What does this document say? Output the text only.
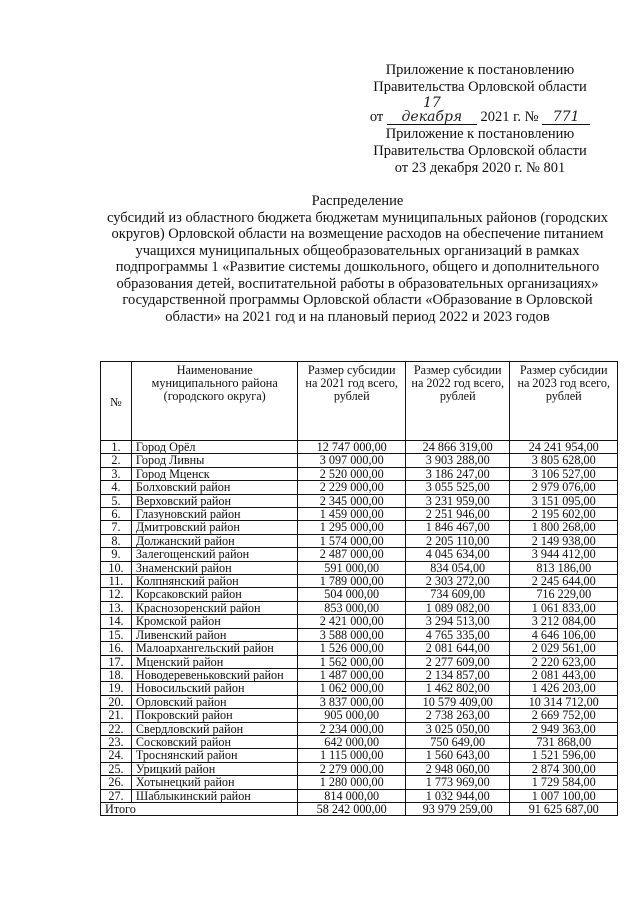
Приложение к постановлению
Правительства Орловской области
от 17 декабря 2021 г. № 771
Приложение к постановлению
Правительства Орловской области
от 23 декабря 2020 г. № 801
Распределение
субсидий из областного бюджета бюджетам муниципальных районов (городских округов) Орловской области на возмещение расходов на обеспечение питанием учащихся муниципальных общеобразовательных организаций в рамках подпрограммы 1 «Развитие системы дошкольного, общего и дополнительного образования детей, воспитательной работы в образовательных организациях» государственной программы Орловской области «Образование в Орловской области» на 2021 год и на плановый период 2022 и 2023 годов
№	Наименование муниципального района (городского округа)	Размер субсидии на 2021 год всего, рублей	Размер субсидии на 2022 год всего, рублей	Размер субсидии на 2023 год всего, рублей
1.	Город Орёл	12 747 000,00	24 866 319,00	24 241 954,00
2.	Город Ливны	3 097 000,00	3 903 288,00	3 805 628,00
3.	Город Мценск	2 520 000,00	3 186 247,00	3 106 527,00
4.	Болховский район	2 229 000,00	3 055 525,00	2 979 076,00
5.	Верховский район	2 345 000,00	3 231 959,00	3 151 095,00
6.	Глазуновский район	1 459 000,00	2 251 946,00	2 195 602,00
7.	Дмитровский район	1 295 000,00	1 846 467,00	1 800 268,00
8.	Должанский район	1 574 000,00	2 205 110,00	2 149 938,00
9.	Залегощенский район	2 487 000,00	4 045 634,00	3 944 412,00
10.	Знаменский район	591 000,00	834 054,00	813 186,00
11.	Колпнянский район	1 789 000,00	2 303 272,00	2 245 644,00
12.	Корсаковский район	504 000,00	734 609,00	716 229,00
13.	Краснозоренский район	853 000,00	1 089 082,00	1 061 833,00
14.	Кромской район	2 421 000,00	3 294 513,00	3 212 084,00
15.	Ливенский район	3 588 000,00	4 765 335,00	4 646 106,00
16.	Малоархангельский район	1 526 000,00	2 081 644,00	2 029 561,00
17.	Мценский район	1 562 000,00	2 277 609,00	2 220 623,00
18.	Новодеревеньковский район	1 487 000,00	2 134 857,00	2 081 443,00
19.	Новосильский район	1 062 000,00	1 462 802,00	1 426 203,00
20.	Орловский район	3 837 000,00	10 579 409,00	10 314 712,00
21.	Покровский район	905 000,00	2 738 263,00	2 669 752,00
22.	Свердловский район	2 234 000,00	3 025 050,00	2 949 363,00
23.	Сосковский район	642 000,00	750 649,00	731 868,00
24.	Троснянский район	1 115 000,00	1 560 643,00	1 521 596,00
25.	Урицкий район	2 279 000,00	2 948 060,00	2 874 300,00
26.	Хотынецкий район	1 280 000,00	1 773 969,00	1 729 584,00
27.	Шаблыкинский район	814 000,00	1 032 944,00	1 007 100,00
Итого		58 242 000,00	93 979 259,00	91 625 687,00
